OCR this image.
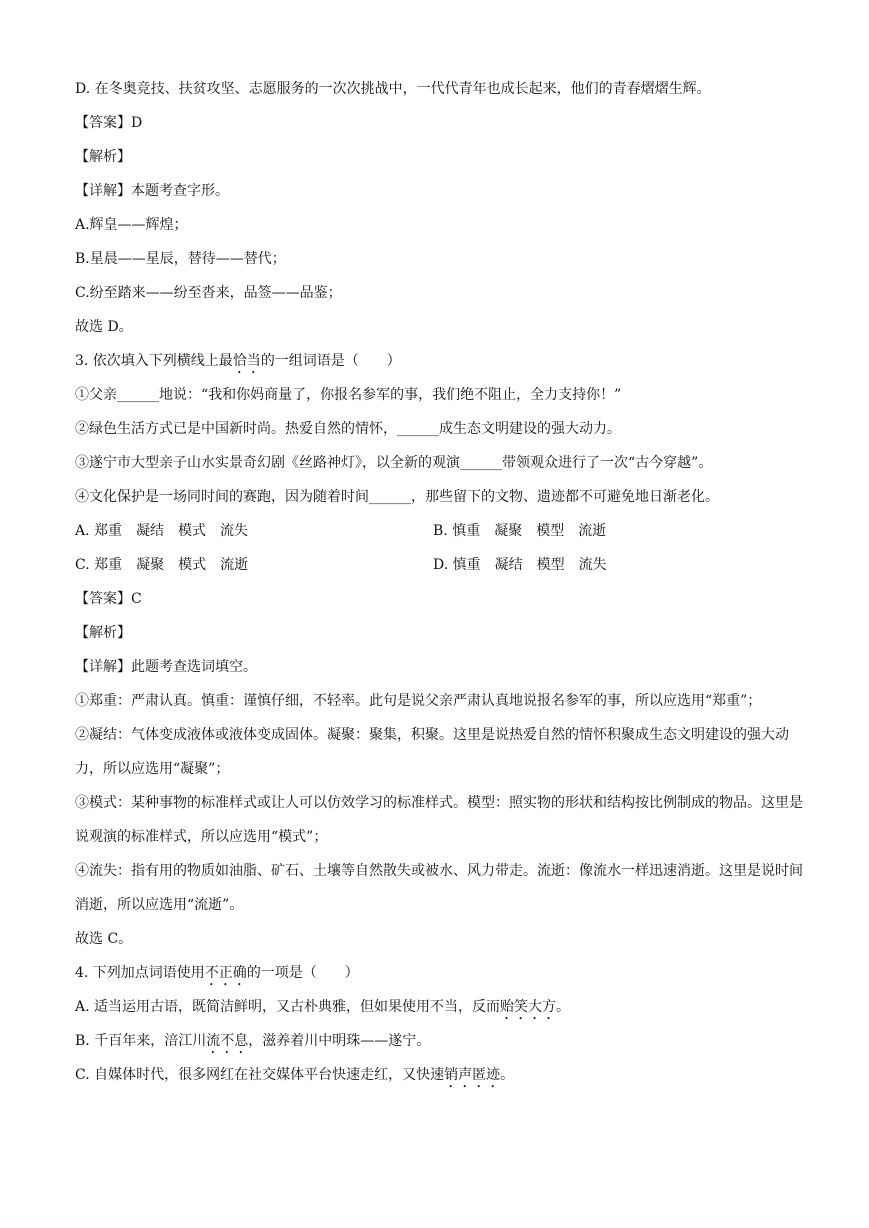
D. 在冬奥竞技、扶贫攻坚、志愿服务的一次次挑战中，一代代青年也成长起来，他们的青春熠熠生辉。

【答案】D

【解析】

【详解】本题考查字形。

A.辉皇——辉煌；

B.星晨——星辰，替待——替代；

C.纷至踏来——纷至沓来，品签——品鉴；

故选 D。

3. 依次填入下列横线上最恰当的一组词语是（　　）

①父亲______地说：“我和你妈商量了，你报名参军的事，我们绝不阻止，全力支持你！”

②绿色生活方式已是中国新时尚。热爱自然的情怀，______成生态文明建设的强大动力。

③遂宁市大型亲子山水实景奇幻剧《丝路神灯》，以全新的观演______带领观众进行了一次“古今穿越”。

④文化保护是一场同时间的赛跑，因为随着时间______，那些留下的文物、遗迹都不可避免地日渐老化。

A. 郑重　凝结　模式　流失	B. 慎重　凝聚　模型　流逝
C. 郑重　凝聚　模式　流逝	D. 慎重　凝结　模型　流失

【答案】C

【解析】

【详解】此题考查选词填空。

①郑重：严肃认真。慎重：谨慎仔细，不轻率。此句是说父亲严肃认真地说报名参军的事，所以应选用“郑重”；

②凝结：气体变成液体或液体变成固体。凝聚：聚集，积聚。这里是说热爱自然的情怀积聚成生态文明建设的强大动力，所以应选用“凝聚”；

③模式：某种事物的标准样式或让人可以仿效学习的标准样式。模型：照实物的形状和结构按比例制成的物品。这里是说观演的标准样式，所以应选用“模式”；

④流失：指有用的物质如油脂、矿石、土壤等自然散失或被水、风力带走。流逝：像流水一样迅速消逝。这里是说时间消逝，所以应选用“流逝”。

故选 C。

4. 下列加点词语使用不正确的一项是（　　）

A. 适当运用古语，既简洁鲜明，又古朴典雅，但如果使用不当，反而贻笑大方。

B. 千百年来，涪江川流不息，滋养着川中明珠——遂宁。

C. 自媒体时代，很多网红在社交媒体平台快速走红，又快速销声匿迹。
